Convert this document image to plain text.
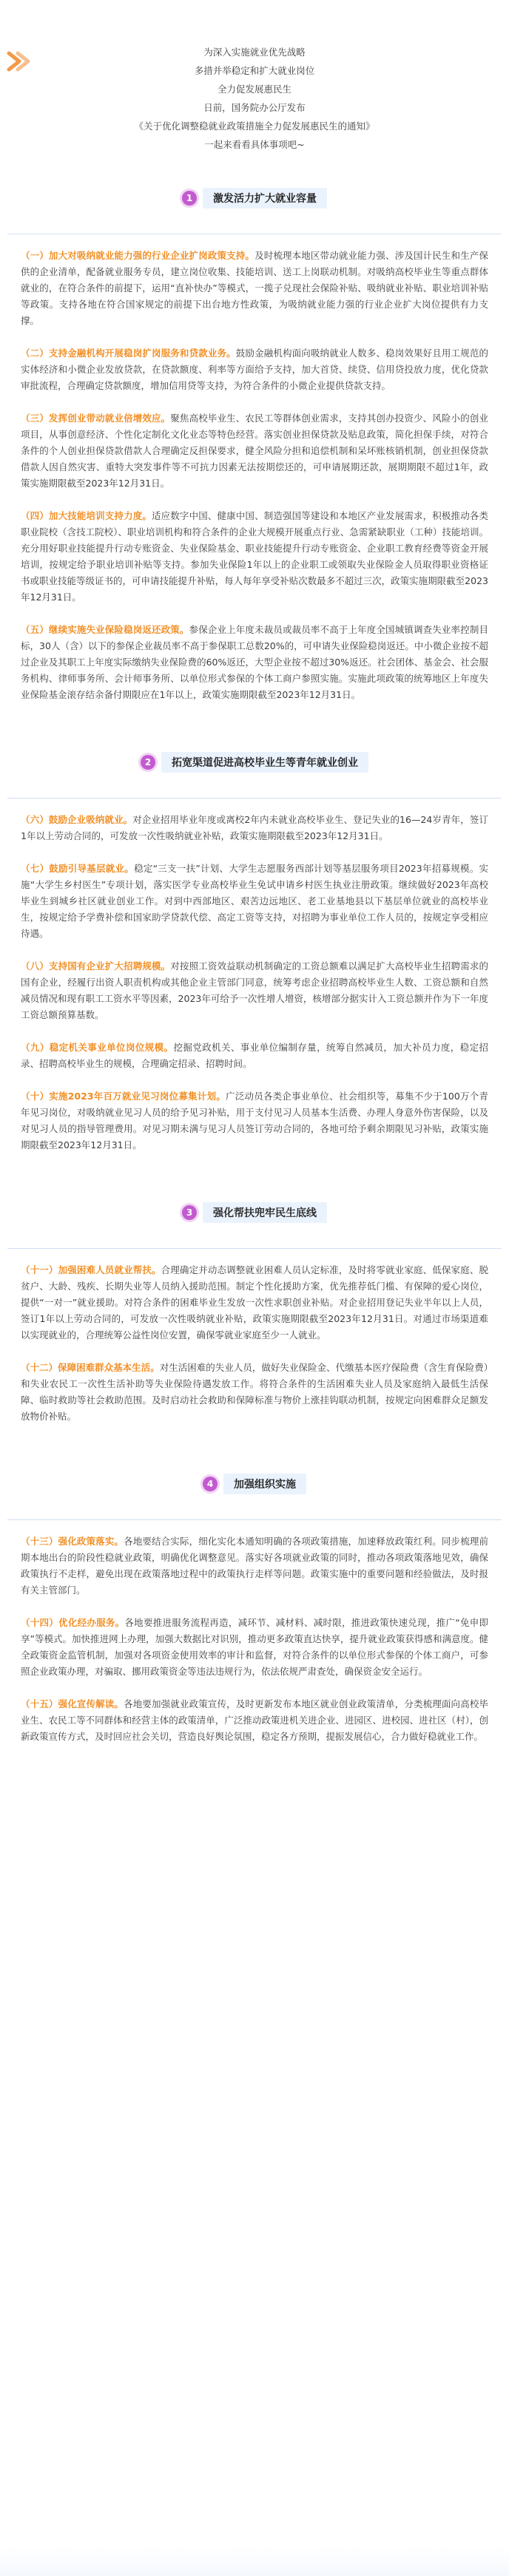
为深入实施就业优先战略

多措并举稳定和扩大就业岗位

全力促发展惠民生

日前，国务院办公厅发布

《关于优化调整稳就业政策措施全力促发展惠民生的通知》

一起来看看具体事项吧~

1	激发活力扩大就业容量

（一）加大对吸纳就业能力强的行业企业扩岗政策支持。及时梳理本地区带动就业能力强、涉及国计民生和生产保供的企业清单，配备就业服务专员，建立岗位收集、技能培训、送工上岗联动机制。对吸纳高校毕业生等重点群体就业的，在符合条件的前提下，运用“直补快办”等模式，一揽子兑现社会保险补贴、吸纳就业补贴、职业培训补贴等政策。支持各地在符合国家规定的前提下出台地方性政策，为吸纳就业能力强的行业企业扩大岗位提供有力支撑。

（二）支持金融机构开展稳岗扩岗服务和贷款业务。鼓励金融机构面向吸纳就业人数多、稳岗效果好且用工规范的实体经济和小微企业发放贷款，在贷款额度、利率等方面给予支持，加大首贷、续贷、信用贷投放力度，优化贷款审批流程，合理确定贷款额度，增加信用贷等支持，为符合条件的小微企业提供贷款支持。

（三）发挥创业带动就业倍增效应。聚焦高校毕业生、农民工等群体创业需求，支持其创办投资少、风险小的创业项目，从事创意经济、个性化定制化文化业态等特色经营。落实创业担保贷款及贴息政策，简化担保手续，对符合条件的个人创业担保贷款借款人合理确定反担保要求，健全风险分担和追偿机制和呆坏账核销机制，创业担保贷款借款人因自然灾害、重特大突发事件等不可抗力因素无法按期偿还的，可申请展期还款，展期期限不超过1年，政策实施期限截至2023年12月31日。

（四）加大技能培训支持力度。适应数字中国、健康中国、制造强国等建设和本地区产业发展需求，积极推动各类职业院校（含技工院校）、职业培训机构和符合条件的企业大规模开展重点行业、急需紧缺职业（工种）技能培训。充分用好职业技能提升行动专账资金、失业保险基金、职业技能提升行动专账资金、企业职工教育经费等资金开展培训，按规定给予职业培训补贴等支持。参加失业保险1年以上的企业职工或领取失业保险金人员取得职业资格证书或职业技能等级证书的，可申请技能提升补贴，每人每年享受补贴次数最多不超过三次，政策实施期限截至2023年12月31日。

（五）继续实施失业保险稳岗返还政策。参保企业上年度未裁员或裁员率不高于上年度全国城镇调查失业率控制目标，30人（含）以下的参保企业裁员率不高于参保职工总数20%的，可申请失业保险稳岗返还。中小微企业按不超过企业及其职工上年度实际缴纳失业保险费的60%返还，大型企业按不超过30%返还。社会团体、基金会、社会服务机构、律师事务所、会计师事务所、以单位形式参保的个体工商户参照实施。实施此项政策的统筹地区上年度失业保险基金滚存结余备付期限应在1年以上，政策实施期限截至2023年12月31日。

2	拓宽渠道促进高校毕业生等青年就业创业

（六）鼓励企业吸纳就业。对企业招用毕业年度或离校2年内未就业高校毕业生、登记失业的16—24岁青年，签订1年以上劳动合同的，可发放一次性吸纳就业补贴，政策实施期限截至2023年12月31日。

（七）鼓励引导基层就业。稳定“三支一扶”计划、大学生志愿服务西部计划等基层服务项目2023年招募规模。实施“大学生乡村医生”专项计划，落实医学专业高校毕业生免试申请乡村医生执业注册政策。继续做好2023年高校毕业生到城乡社区就业创业工作。对到中西部地区、艰苦边远地区、老工业基地县以下基层单位就业的高校毕业生，按规定给予学费补偿和国家助学贷款代偿、高定工资等支持，对招聘为事业单位工作人员的，按规定享受相应待遇。

（八）支持国有企业扩大招聘规模。对按照工资效益联动机制确定的工资总额难以满足扩大高校毕业生招聘需求的国有企业，经履行出资人职责机构或其他企业主管部门同意，统筹考虑企业招聘高校毕业生人数、工资总额和自然减员情况和现有职工工资水平等因素，2023年可给予一次性增人增资，核增部分据实计入工资总额并作为下一年度工资总额预算基数。

（九）稳定机关事业单位岗位规模。挖掘党政机关、事业单位编制存量，统筹自然减员，加大补员力度，稳定招录、招聘高校毕业生的规模，合理确定招录、招聘时间。

（十）实施2023年百万就业见习岗位募集计划。广泛动员各类企事业单位、社会组织等，募集不少于100万个青年见习岗位，对吸纳就业见习人员的给予见习补贴，用于支付见习人员基本生活费、办理人身意外伤害保险，以及对见习人员的指导管理费用。对见习期未满与见习人员签订劳动合同的，各地可给予剩余期限见习补贴，政策实施期限截至2023年12月31日。

3	强化帮扶兜牢民生底线

（十一）加强困难人员就业帮扶。合理确定并动态调整就业困难人员认定标准，及时将零就业家庭、低保家庭、脱贫户、大龄、残疾、长期失业等人员纳入援助范围。制定个性化援助方案，优先推荐低门槛、有保障的爱心岗位，提供“一对一”就业援助。对符合条件的困难毕业生发放一次性求职创业补贴。对企业招用登记失业半年以上人员，签订1年以上劳动合同的，可发放一次性吸纳就业补贴，政策实施期限截至2023年12月31日。对通过市场渠道难以实现就业的，合理统筹公益性岗位安置，确保零就业家庭至少一人就业。

（十二）保障困难群众基本生活。对生活困难的失业人员，做好失业保险金、代缴基本医疗保险费（含生育保险费）和失业农民工一次性生活补助等失业保险待遇发放工作。将符合条件的生活困难失业人员及家庭纳入最低生活保障、临时救助等社会救助范围。及时启动社会救助和保障标准与物价上涨挂钩联动机制，按规定向困难群众足额发放物价补贴。

4	加强组织实施

（十三）强化政策落实。各地要结合实际，细化实化本通知明确的各项政策措施，加速释放政策红利。同步梳理前期本地出台的阶段性稳就业政策，明确优化调整意见。落实好各项就业政策的同时，推动各项政策落地见效，确保政策执行不走样，避免出现在政策落地过程中的政策执行走样等问题。政策实施中的重要问题和经验做法，及时报有关主管部门。

（十四）优化经办服务。各地要推进服务流程再造，减环节、减材料、减时限，推进政策快速兑现，推广“免申即享”等模式。加快推进网上办理，加强大数据比对识别，推动更多政策直达快享，提升就业政策获得感和满意度。健全政策资金监管机制，加强对各项资金使用效率的审计和监督，对符合条件的以单位形式参保的个体工商户，可参照企业政策办理，对骗取、挪用政策资金等违法违规行为，依法依规严肃查处，确保资金安全运行。

（十五）强化宣传解读。各地要加强就业政策宣传，及时更新发布本地区就业创业政策清单，分类梳理面向高校毕业生、农民工等不同群体和经营主体的政策清单，广泛推动政策进机关进企业、进园区、进校园、进社区（村），创新政策宣传方式，及时回应社会关切，营造良好舆论氛围，稳定各方预期，提振发展信心，合力做好稳就业工作。
